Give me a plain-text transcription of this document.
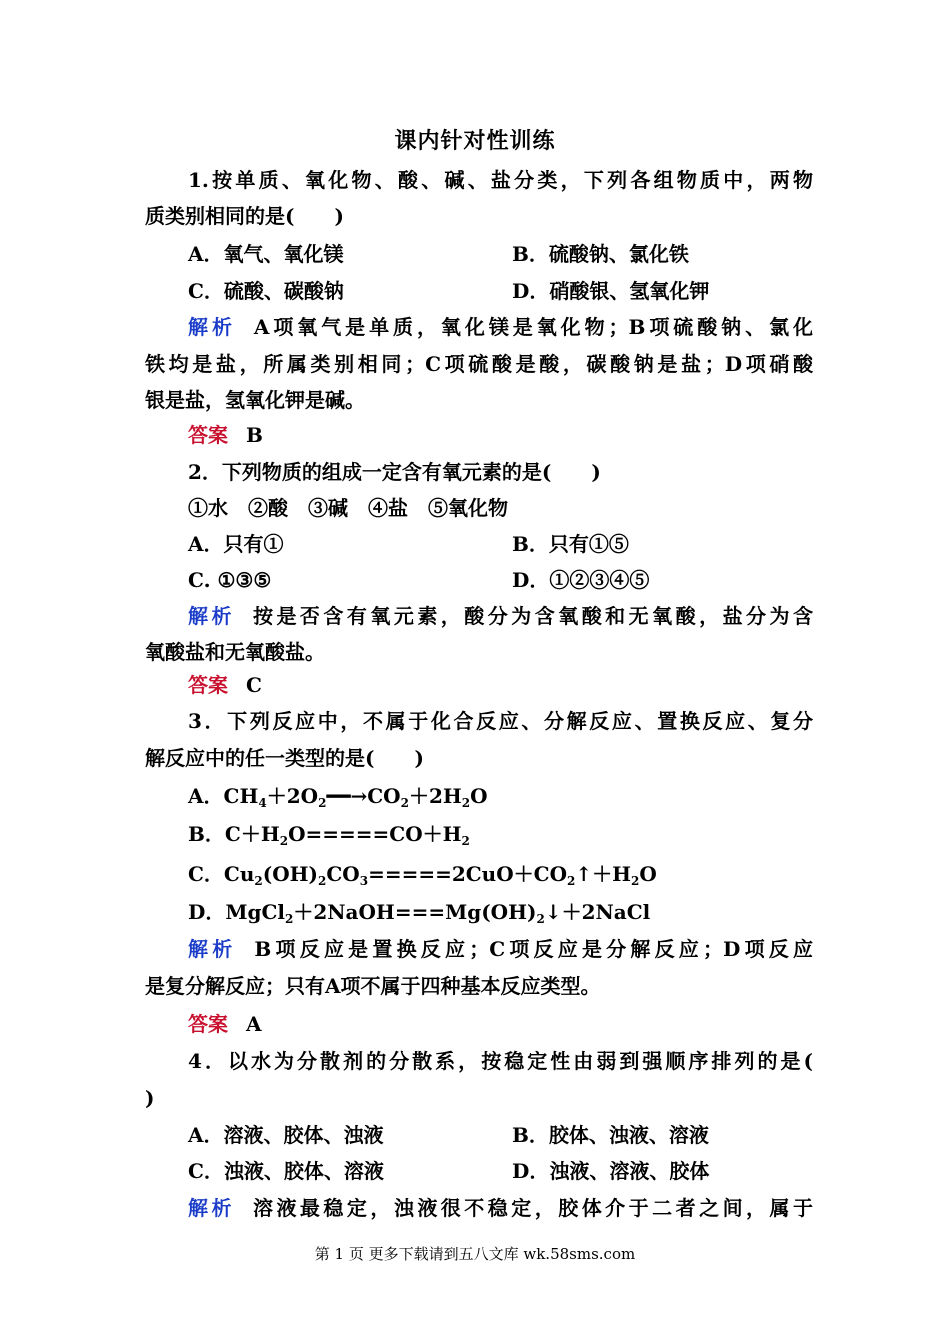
课内针对性训练
1.按单质、氧化物、酸、碱、盐分类，下列各组物质中，两物
质类别相同的是(　　)
A．氧气、氧化镁	B．硫酸钠、氯化铁
C．硫酸、碳酸钠	D．硝酸银、氢氧化钾
解析 A项氧气是单质，氧化镁是氧化物；B项硫酸钠、氯化
铁均是盐，所属类别相同；C项硫酸是酸，碳酸钠是盐；D项硝酸
银是盐，氢氧化钾是碱。
答案 B
2．下列物质的组成一定含有氧元素的是(　　)
①水　②酸　③碱　④盐　⑤氧化物
A．只有①	B．只有①⑤
C. ①③⑤	D．①②③④⑤
解析 按是否含有氧元素，酸分为含氧酸和无氧酸，盐分为含
氧酸盐和无氧酸盐。
答案 C
3．下列反应中，不属于化合反应、分解反应、置换反应、复分
解反应中的任一类型的是(　　)
A．$CH_4+2O_2━━\to CO_2+2H_2O$
B．$C+H_2O=====CO+H_2$
C．$Cu_2(OH)_2CO_3=====2CuO+CO_2↑+H_2O$
D．$MgCl_2+2NaOH===Mg(OH)_2↓+2NaCl$
解析 B项反应是置换反应；C项反应是分解反应；D项反应
是复分解反应；只有A项不属于四种基本反应类型。
答案 A
4．以水为分散剂的分散系，按稳定性由弱到强顺序排列的是(
)
A．溶液、胶体、浊液	B．胶体、浊液、溶液
C．浊液、胶体、溶液	D．浊液、溶液、胶体
解析 溶液最稳定，浊液很不稳定，胶体介于二者之间，属于
第 1 页 更多下载请到五八文库 wk.58sms.com
